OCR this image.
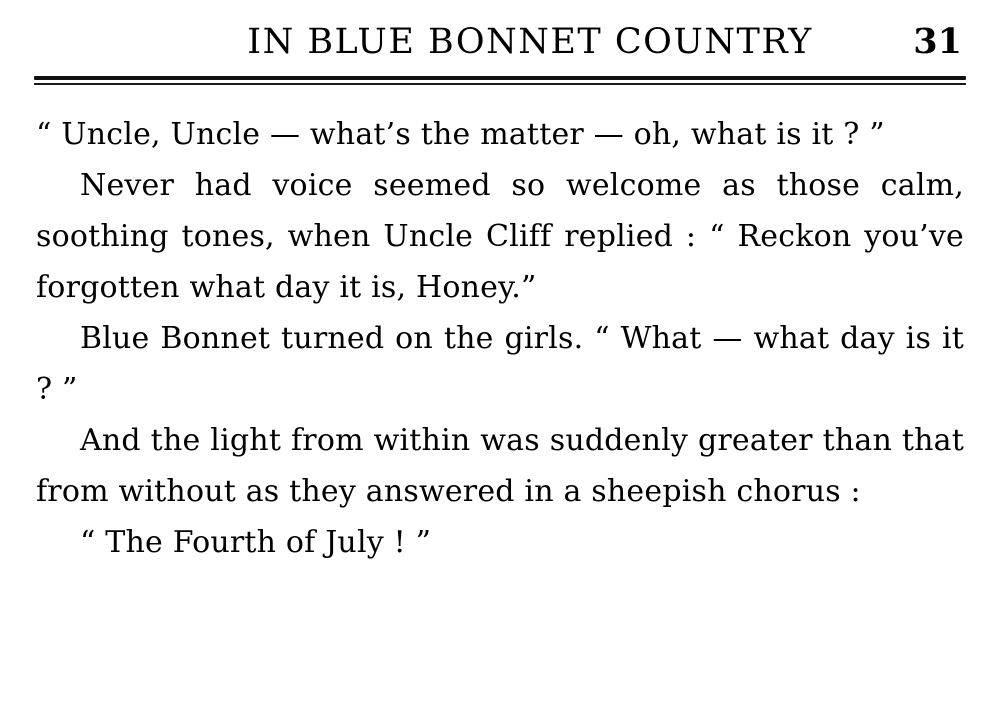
IN BLUE BONNET COUNTRY	31

“ Uncle, Uncle — what’s the matter — oh, what is it ? ”

Never had voice seemed so welcome as those calm, soothing tones, when Uncle Cliff replied : “ Reckon you’ve forgotten what day it is, Honey.”

Blue Bonnet turned on the girls. “ What — what day is it ? ”

And the light from within was suddenly greater than that from without as they answered in a sheepish chorus :

“ The Fourth of July ! ”
